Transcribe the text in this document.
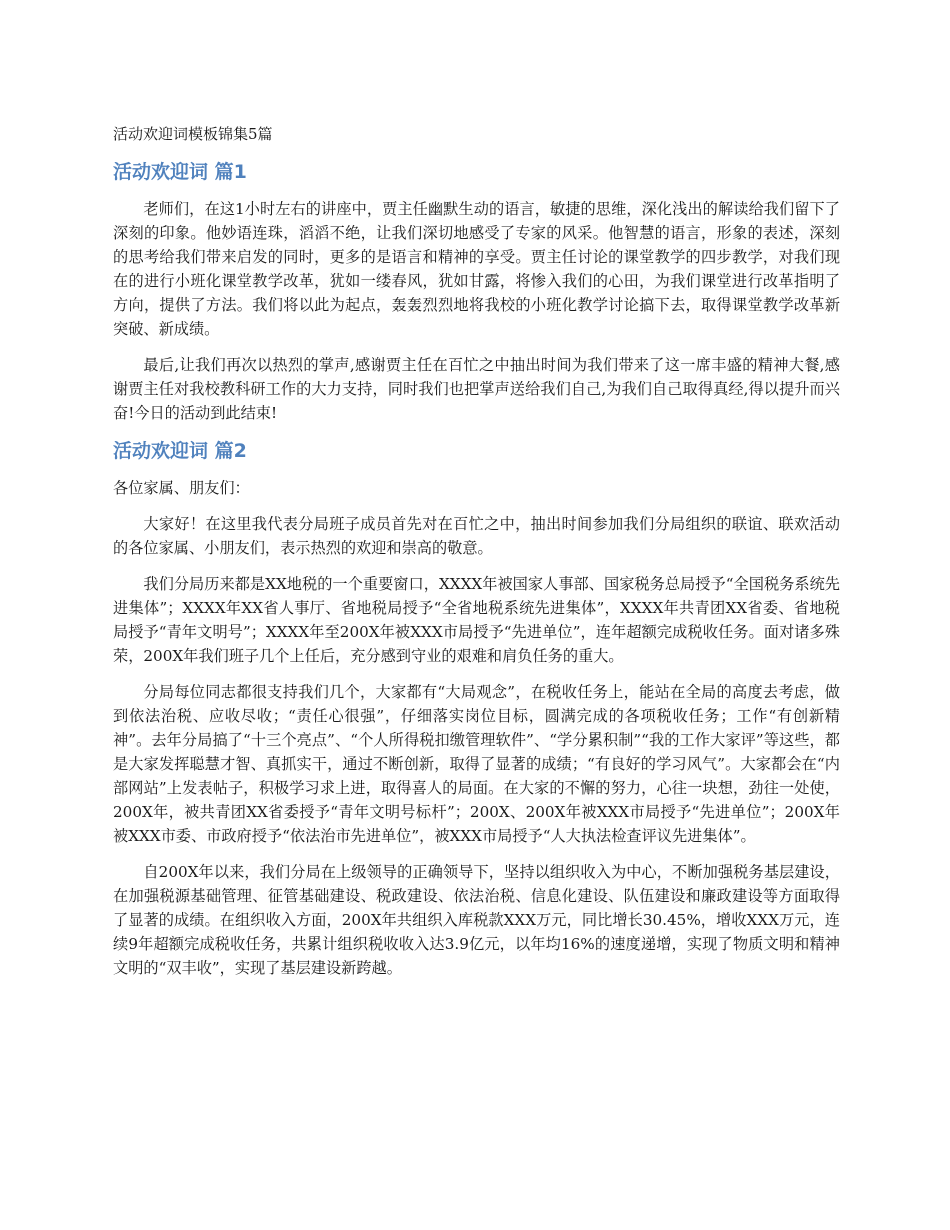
活动欢迎词模板锦集5篇
活动欢迎词 篇1

老师们，在这1小时左右的讲座中，贾主任幽默生动的语言，敏捷的思维，深化浅出的解读给我们留下了深刻的印象。他妙语连珠，滔滔不绝，让我们深切地感受了专家的风采。他智慧的语言，形象的表述，深刻的思考给我们带来启发的同时，更多的是语言和精神的享受。贾主任讨论的课堂教学的四步教学，对我们现在的进行小班化课堂教学改革，犹如一缕春风，犹如甘露，将惨入我们的心田，为我们课堂进行改革指明了方向，提供了方法。我们将以此为起点，轰轰烈烈地将我校的小班化教学讨论搞下去，取得课堂教学改革新突破、新成绩。

最后,让我们再次以热烈的掌声,感谢贾主任在百忙之中抽出时间为我们带来了这一席丰盛的精神大餐,感谢贾主任对我校教科研工作的大力支持，同时我们也把掌声送给我们自己,为我们自己取得真经,得以提升而兴奋!今日的活动到此结束!

活动欢迎词 篇2

各位家属、朋友们：

大家好！在这里我代表分局班子成员首先对在百忙之中，抽出时间参加我们分局组织的联谊、联欢活动的各位家属、小朋友们，表示热烈的欢迎和崇高的敬意。

我们分局历来都是XX地税的一个重要窗口，XXXX年被国家人事部、国家税务总局授予“全国税务系统先进集体”；XXXX年XX省人事厅、省地税局授予“全省地税系统先进集体”，XXXX年共青团XX省委、省地税局授予“青年文明号”；XXXX年至200X年被XXX市局授予“先进单位”，连年超额完成税收任务。面对诸多殊荣，200X年我们班子几个上任后，充分感到守业的艰难和肩负任务的重大。

分局每位同志都很支持我们几个，大家都有“大局观念”，在税收任务上，能站在全局的高度去考虑，做到依法治税、应收尽收；“责任心很强”，仔细落实岗位目标，圆满完成的各项税收任务；工作“有创新精神”。去年分局搞了“十三个亮点”、“个人所得税扣缴管理软件”、“学分累积制”“我的工作大家评”等这些，都是大家发挥聪慧才智、真抓实干，通过不断创新，取得了显著的成绩；“有良好的学习风气”。大家都会在“内部网站”上发表帖子，积极学习求上进，取得喜人的局面。在大家的不懈的努力，心往一块想，劲往一处使，200X年，被共青团XX省委授予“青年文明号标杆”；200X、200X年被XXX市局授予“先进单位”；200X年被XXX市委、市政府授予“依法治市先进单位”，被XXX市局授予“人大执法检查评议先进集体”。

自200X年以来，我们分局在上级领导的正确领导下，坚持以组织收入为中心，不断加强税务基层建设，在加强税源基础管理、征管基础建设、税政建设、依法治税、信息化建设、队伍建设和廉政建设等方面取得了显著的成绩。在组织收入方面，200X年共组织入库税款XXX万元，同比增长30.45%，增收XXX万元，连续9年超额完成税收任务，共累计组织税收收入达3.9亿元，以年均16%的速度递增，实现了物质文明和精神文明的“双丰收”，实现了基层建设新跨越。
